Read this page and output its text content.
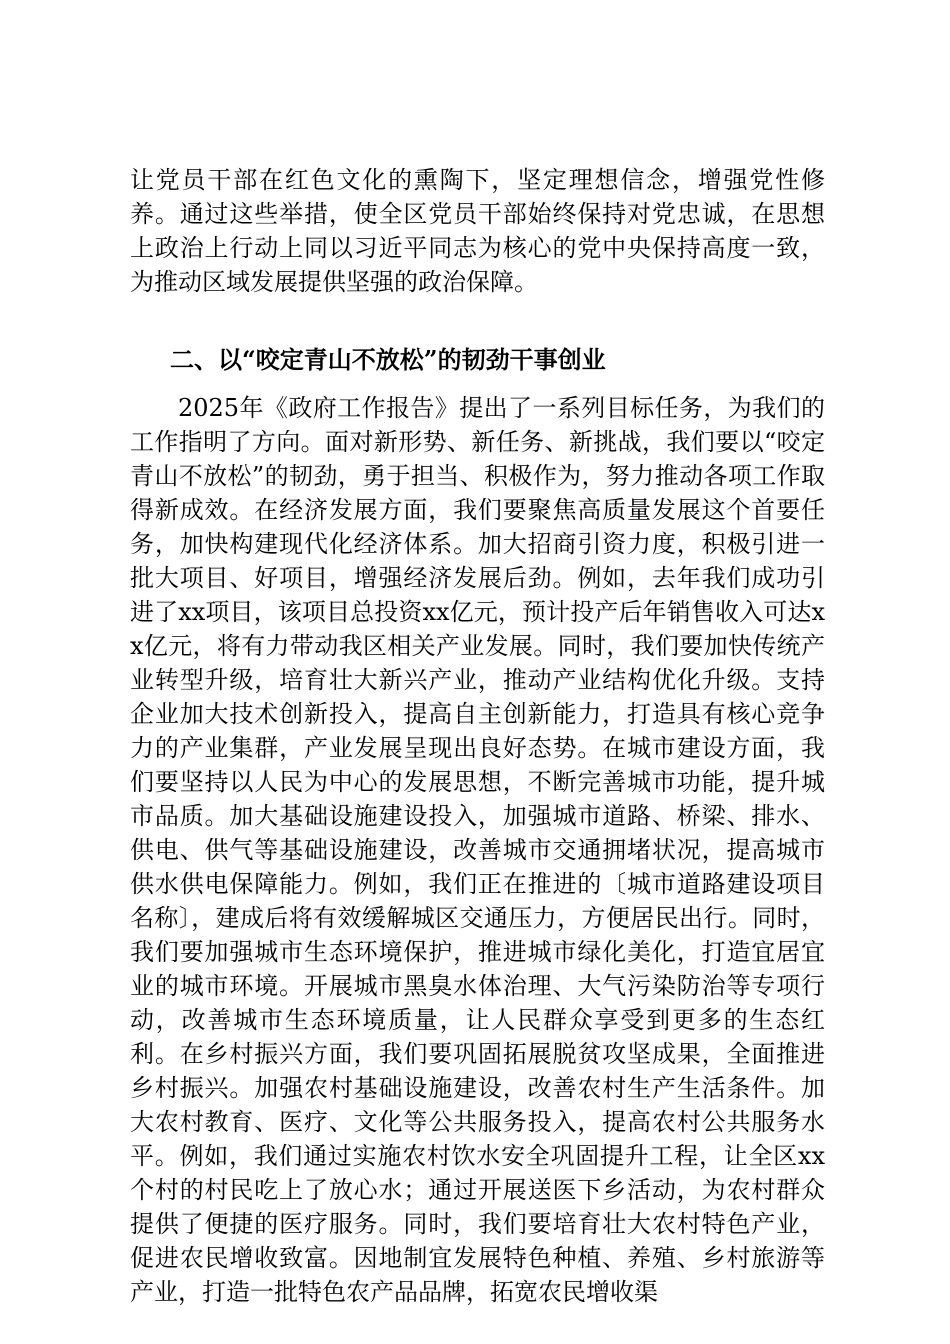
让党员干部在红色文化的熏陶下，坚定理想信念，增强党性修养。通过这些举措，使全区党员干部始终保持对党忠诚，在思想上政治上行动上同以习近平同志为核心的党中央保持高度一致，为推动区域发展提供坚强的政治保障。

二、以“咬定青山不放松”的韧劲干事创业

2025年《政府工作报告》提出了一系列目标任务，为我们的工作指明了方向。面对新形势、新任务、新挑战，我们要以“咬定青山不放松”的韧劲，勇于担当、积极作为，努力推动各项工作取得新成效。在经济发展方面，我们要聚焦高质量发展这个首要任务，加快构建现代化经济体系。加大招商引资力度，积极引进一批大项目、好项目，增强经济发展后劲。例如，去年我们成功引进了xx项目，该项目总投资xx亿元，预计投产后年销售收入可达xx亿元，将有力带动我区相关产业发展。同时，我们要加快传统产业转型升级，培育壮大新兴产业，推动产业结构优化升级。支持企业加大技术创新投入，提高自主创新能力，打造具有核心竞争力的产业集群，产业发展呈现出良好态势。在城市建设方面，我们要坚持以人民为中心的发展思想，不断完善城市功能，提升城市品质。加大基础设施建设投入，加强城市道路、桥梁、排水、供电、供气等基础设施建设，改善城市交通拥堵状况，提高城市供水供电保障能力。例如，我们正在推进的〔城市道路建设项目名称〕，建成后将有效缓解城区交通压力，方便居民出行。同时，我们要加强城市生态环境保护，推进城市绿化美化，打造宜居宜业的城市环境。开展城市黑臭水体治理、大气污染防治等专项行动，改善城市生态环境质量，让人民群众享受到更多的生态红利。在乡村振兴方面，我们要巩固拓展脱贫攻坚成果，全面推进乡村振兴。加强农村基础设施建设，改善农村生产生活条件。加大农村教育、医疗、文化等公共服务投入，提高农村公共服务水平。例如，我们通过实施农村饮水安全巩固提升工程，让全区xx个村的村民吃上了放心水；通过开展送医下乡活动，为农村群众提供了便捷的医疗服务。同时，我们要培育壮大农村特色产业，促进农民增收致富。因地制宜发展特色种植、养殖、乡村旅游等产业，打造一批特色农产品品牌，拓宽农民增收渠
